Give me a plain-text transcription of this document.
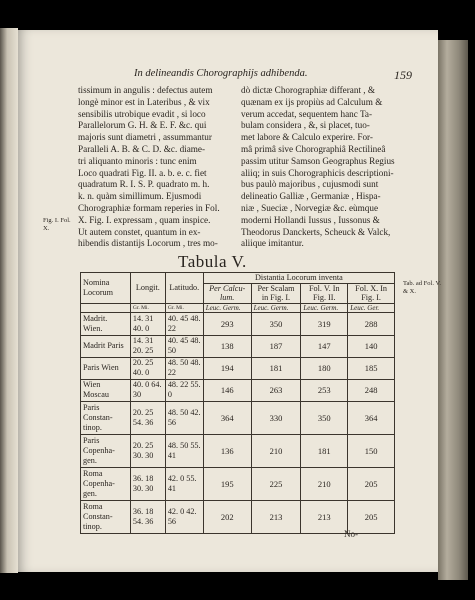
In delineandis Chorographijs adhibenda.	159
tissimum in angulis : defectus autem
longè minor est in Lateribus , & vix
sensibilis utrobique evadit , si loco
Parallelorum G. H. & E. F. &c. qui
majoris sunt diametri , assummantur
Paralleli A. B. & C. D. &c. diame-
tri aliquanto minoris : tunc enim
Loco quadrati Fig. II. a. b. e. c. fiet
quadratum R. I. S. P. quadrato m. h.
k. n. quàm simillimum. Ejusmodi
Chorographiæ formam reperies in Fol.
X. Fig. I. expressam , quam inspice.
Ut autem constet, quantum in ex-
hibendis distantijs Locorum , tres mo-
dò dictæ Chorographiæ differant , &
quænam ex ijs propiùs ad Calculum &
verum accedat, sequentem hanc Ta-
bulam considera , &, si placet, tuo-
met labore & Calculo experire. For-
mâ primâ sive Chorographiâ Rectilineâ
passim utitur Samson Geographus Regius
aliiq; in suis Chorographicis descriptioni-
bus paulò majoribus , cujusmodi sunt
delineatio Galliæ , Germaniæ , Hispa-
niæ , Sueciæ , Norvegiæ &c. eùmque
moderni Hollandi Iussus , Iussonus &
Theodorus Danckerts, Scheuck & Valck,
aliique imitantur.
Fig. I. Fol. X.
Tab. ad Fol. V. & X.
Tabula V.
Nomina Locorum	Longit.	Latitudo.	Distantia Locorum inventa			
			Per Calcu- lum.	Per Scalam in Fig. I.	Fol. V. In Fig. II.	Fol. X. In Fig. I.
	Gr. Mi.	Gr. Mi.	Leuc. Germ.	Leuc. Germ.	Leuc. Germ.	Leuc. Ger.
Madrit. Wien.	14. 31 40. 0	40. 45 48. 22	293	350	319	288
Madrit Paris	14. 31 20. 25	40. 45 48. 50	138	187	147	140
Paris Wien	20. 25 40. 0	48. 50 48. 22	194	181	180	185
Wien Moscau	40. 0 64. 30	48. 22 55. 0	146	263	253	248
Paris Constan- tinop.	20. 25 54. 36	48. 50 42. 56	364	330	350	364
Paris Copenha- gen.	20. 25 30. 30	48. 50 55. 41	136	210	181	150
Roma Copenha- gen.	36. 18 30. 30	42. 0 55. 41	195	225	210	205
Roma Constan- tinop.	36. 18 54. 36	42. 0 42. 56	202	213	213	205
No-
